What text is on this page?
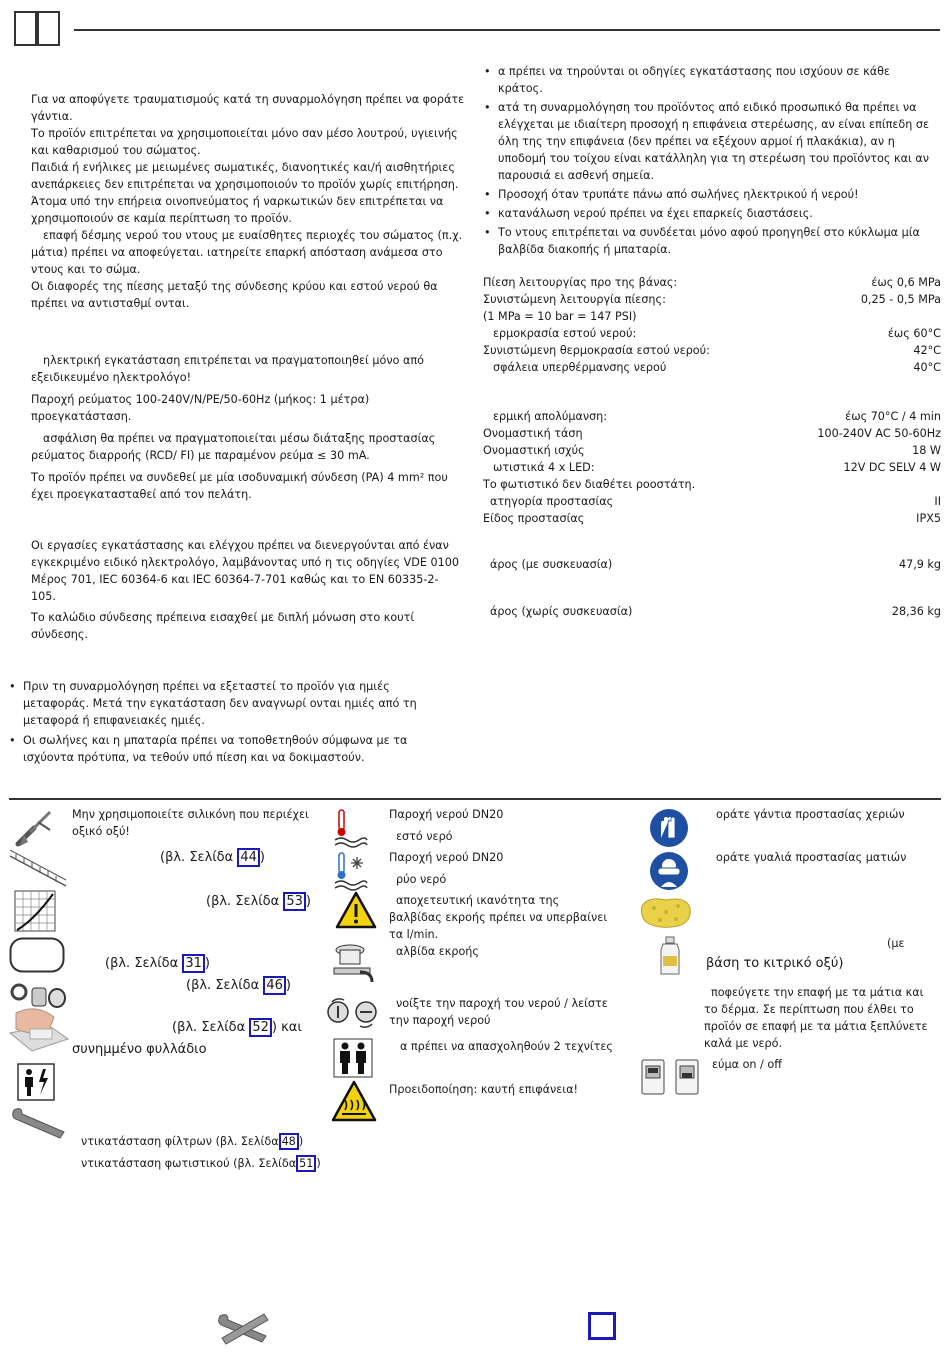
Για να αποφύγετε τραυματισμούς κατά τη συναρμολόγηση πρέπει να φοράτε γάντια.

Το προϊόν επιτρέπεται να χρησιμοποιείται μόνο σαν μέσο λουτρού, υγιεινής και καθαρισμού του σώματος.

Παιδιά ή ενήλικες με μειωμένες σωματικές, διανοητικές και/ή αισθητήριες ανεπάρκειες δεν επιτρέπεται να χρησιμοποιούν το προϊόν χωρίς επιτήρηση. Άτομα υπό την επήρεια οινοπνεύματος ή ναρκωτικών δεν επιτρέπεται να χρησιμοποιούν σε καμία περίπτωση το προϊόν.

επαφή δέσμης νερού του ντους με ευαίσθητες περιοχές του σώματος (π.χ. μάτια) πρέπει να αποφεύγεται. ιατηρείτε επαρκή απόσταση ανάμεσα στο ντους και το σώμα.

Οι διαφορές της πίεσης μεταξύ της σύνδεσης κρύου και εστού νερού θα πρέπει να αντισταθμί ονται.

ηλεκτρική εγκατάσταση επιτρέπεται να πραγματοποιηθεί μόνο από εξειδικευμένο ηλεκτρολόγο!

Παροχή ρεύματος 100-240V/N/PE/50-60Hz (μήκος: 1 μέτρα) προεγκατάσταση.

ασφάλιση θα πρέπει να πραγματοποιείται μέσω διάταξης προστασίας ρεύματος διαρροής (RCD/ FI) με παραμένον ρεύμα ≤ 30 mA.

Το προϊόν πρέπει να συνδεθεί με μία ισοδυναμική σύνδεση (PA) 4 mm² που έχει προεγκατασταθεί από τον πελάτη.

Οι εργασίες εγκατάστασης και ελέγχου πρέπει να διενεργούνται από έναν εγκεκριμένο ειδικό ηλεκτρολόγο, λαμβάνοντας υπό η τις οδηγίες VDE 0100 Μέρος 701, IEC 60364-6 και IEC 60364-7-701 καθώς και το EN 60335-2-105.

Το καλώδιο σύνδεσης πρέπεινα εισαχθεί με διπλή μόνωση στο κουτί σύνδεσης.

• Πριν τη συναρμολόγηση πρέπει να εξεταστεί το προϊόν για ημιές μεταφοράς. Μετά την εγκατάσταση δεν αναγνωρί ονται ημιές από τη μεταφορά ή επιφανειακές ημιές.
• Οι σωλήνες και η μπαταρία πρέπει να τοποθετηθούν σύμφωνα με τα ισχύοντα πρότυπα, να τεθούν υπό πίεση και να δοκιμαστούν.
• α πρέπει να τηρούνται οι οδηγίες εγκατάστασης που ισχύουν σε κάθε κράτος.
• ατά τη συναρμολόγηση του προϊόντος από ειδικό προσωπικό θα πρέπει να ελέγχεται με ιδιαίτερη προσοχή η επιφάνεια στερέωσης, αν είναι επίπεδη σε όλη της την επιφάνεια (δεν πρέπει να εξέχουν αρμοί ή πλακάκια), αν η υποδομή του τοίχου είναι κατάλληλη για τη στερέωση του προϊόντος και αν παρουσιά ει ασθενή σημεία.
• Προσοχή όταν τρυπάτε πάνω από σωλήνες ηλεκτρικού ή νερού!
• κατανάλωση νερού πρέπει να έχει επαρκείς διαστάσεις.
• Το ντους επιτρέπεται να συνδέεται μόνο αφού προηγηθεί στο κύκλωμα μία βαλβίδα διακοπής ή μπαταρία.
Πίεση λειτουργίας προ της βάνας:	έως 0,6 MPa
Συνιστώμενη λειτουργία πίεσης:	0,25 - 0,5 MPa
(1 MPa = 10 bar = 147 PSI)
ερμοκρασία εστού νερού:	έως 60°C
Συνιστώμενη θερμοκρασία εστού νερού:	42°C
σφάλεια υπερθέρμανσης νερού	40°C
ερμική απολύμανση:	έως 70°C / 4 min
Ονομαστική τάση	100-240V AC 50-60Hz
Ονομαστική ισχύς	18 W
ωτιστικά 4 x LED:	12V DC SELV 4 W
Το φωτιστικό δεν διαθέτει ροοστάτη.
ατηγορία προστασίας	II
Είδος προστασίας	IPX5
άρος (με συσκευασία)	47,9 kg
άρος (χωρίς συσκευασία)	28,36 kg
Μην χρησιμοποιείτε σιλικόνη που περιέχει οξικό οξύ!
(βλ. Σελίδα 44 )
(βλ. Σελίδα 53 )
(βλ. Σελίδα 31 )
(βλ. Σελίδα 46 )
(βλ. Σελίδα 52 ) και
συνημμένο φυλλάδιο
ντικατάσταση φίλτρων (βλ. Σελίδα 48 )
ντικατάσταση φωτιστικού (βλ. Σελίδα 51 )
Παροχή νερού DN20
εστό νερό
Παροχή νερού DN20
ρύο νερό
αποχετευτική ικανότητα της βαλβίδας εκροής πρέπει να υπερβαίνει τα l/min.
αλβίδα εκροής
νοίξτε την παροχή του νερού / λείστε την παροχή νερού
α πρέπει να απασχοληθούν 2 τεχνίτες
Προειδοποίηση: καυτή επιφάνεια!
οράτε γάντια προστασίας χεριών
οράτε γυαλιά προστασίας ματιών
(με
βάση το κιτρικό οξύ)
ποφεύγετε την επαφή με τα μάτια και το δέρμα. Σε περίπτωση που έλθει το προϊόν σε επαφή με τα μάτια ξεπλύνετε καλά με νερό.
εύμα on / off
